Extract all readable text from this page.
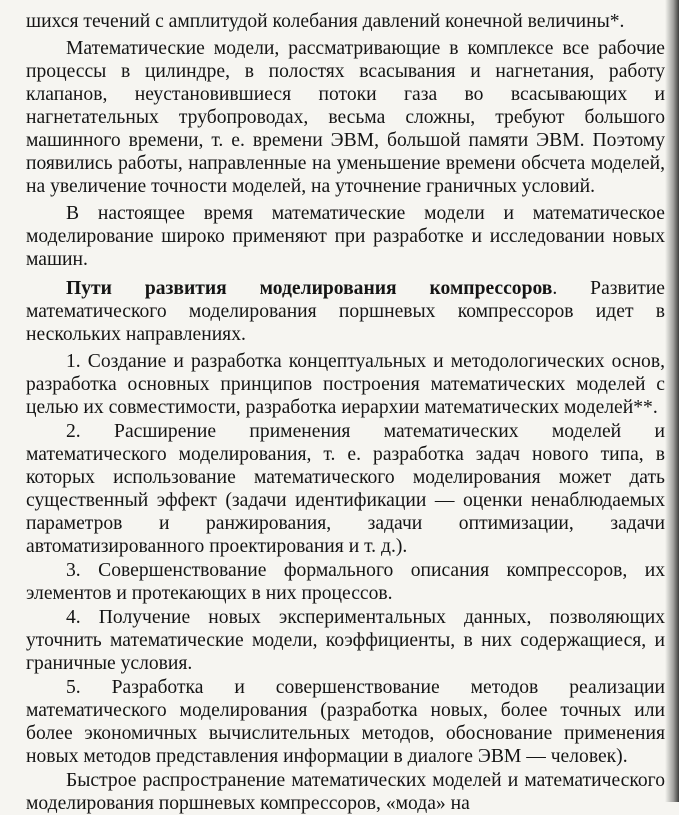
шихся течений с амплитудой колебания давлений конечной величины*.

Математические модели, рассматривающие в комплексе все рабочие процессы в цилиндре, в полостях всасывания и нагнетания, работу клапанов, неустановившиеся потоки газа во всасывающих и нагнетательных трубопроводах, весьма сложны, требуют большого машинного времени, т. е. времени ЭВМ, большой памяти ЭВМ. Поэтому появились работы, направленные на уменьшение времени обсчета моделей, на увеличение точности моделей, на уточнение граничных условий.

В настоящее время математические модели и математическое моделирование широко применяют при разработке и исследовании новых машин.

Пути развития моделирования компрессоров. Развитие математического моделирования поршневых компрессоров идет в нескольких направлениях.

1. Создание и разработка концептуальных и методологических основ, разработка основных принципов построения математических моделей с целью их совместимости, разработка иерархии математических моделей**.

2. Расширение применения математических моделей и математического моделирования, т. е. разработка задач нового типа, в которых использование математического моделирования может дать существенный эффект (задачи идентификации — оценки ненаблюдаемых параметров и ранжирования, задачи оптимизации, задачи автоматизированного проектирования и т. д.).

3. Совершенствование формального описания компрессоров, их элементов и протекающих в них процессов.

4. Получение новых экспериментальных данных, позволяющих уточнить математические модели, коэффициенты, в них содержащиеся, и граничные условия.

5. Разработка и совершенствование методов реализации математического моделирования (разработка новых, более точных или более экономичных вычислительных методов, обоснование применения новых методов представления информации в диалоге ЭВМ — человек).

Быстрое распространение математических моделей и математического моделирования поршневых компрессоров, «мода» на
